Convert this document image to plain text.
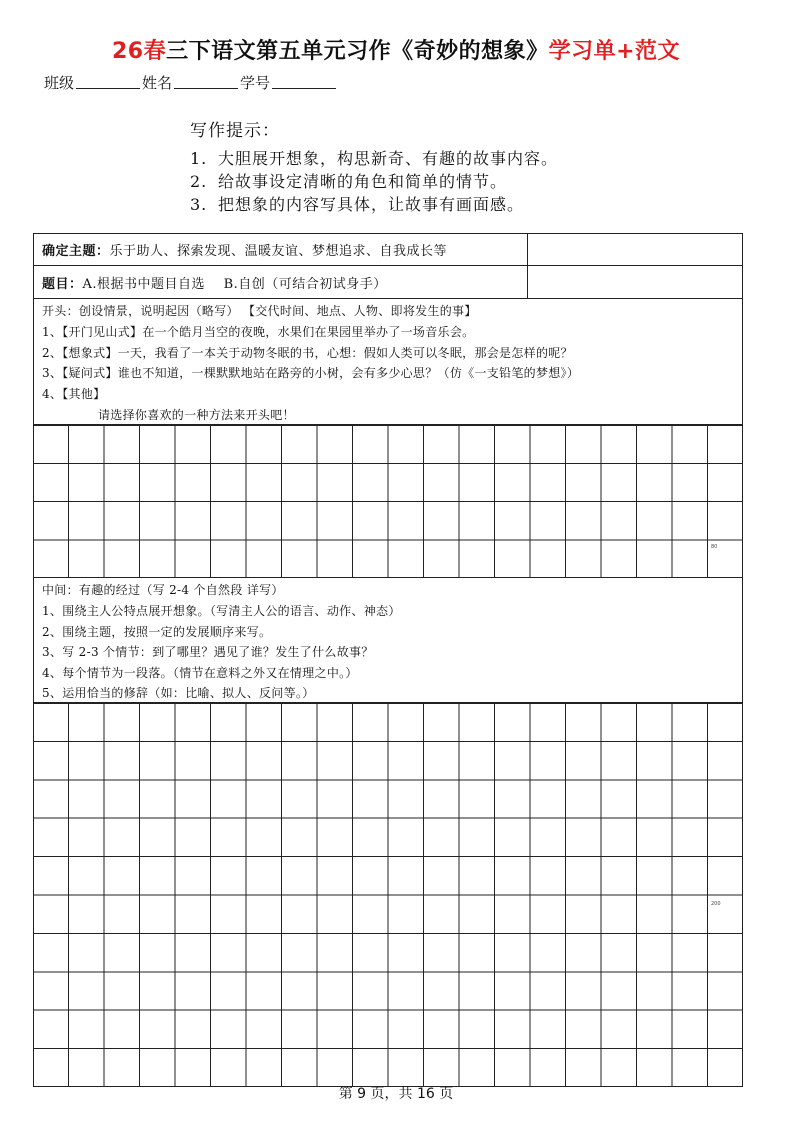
26春三下语文第五单元习作《奇妙的想象》学习单+范文
班级	姓名	学号
写作提示：
1. 大胆展开想象，构思新奇、有趣的故事内容。
2. 给故事设定清晰的角色和简单的情节。
3. 把想象的内容写具体，让故事有画面感。
确定主题： 乐于助人、探索发现、温暖友谊、梦想追求、自我成长等
题目： A.根据书中题目自选    B.自创（可结合初试身手）
开头：创设情景，说明起因（略写） 【交代时间、地点、人物、即将发生的事】
1、【开门见山式】在一个皓月当空的夜晚，水果们在果园里举办了一场音乐会。
2、【想象式】一天，我看了一本关于动物冬眠的书，心想：假如人类可以冬眠，那会是怎样的呢？
3、【疑问式】谁也不知道，一棵默默地站在路旁的小树，会有多少心思？（仿《一支铅笔的梦想》）
4、【其他】
请选择你喜欢的一种方法来开头吧！
80
中间：有趣的经过（写 2-4 个自然段 详写）
1、围绕主人公特点展开想象。（写清主人公的语言、动作、神态）
2、围绕主题，按照一定的发展顺序来写。
3、写 2-3 个情节：到了哪里？遇见了谁？发生了什么故事？
4、每个情节为一段落。（情节在意料之外又在情理之中。）
5、运用恰当的修辞（如：比喻、拟人、反问等。）
200
第 9 页，共 16 页
